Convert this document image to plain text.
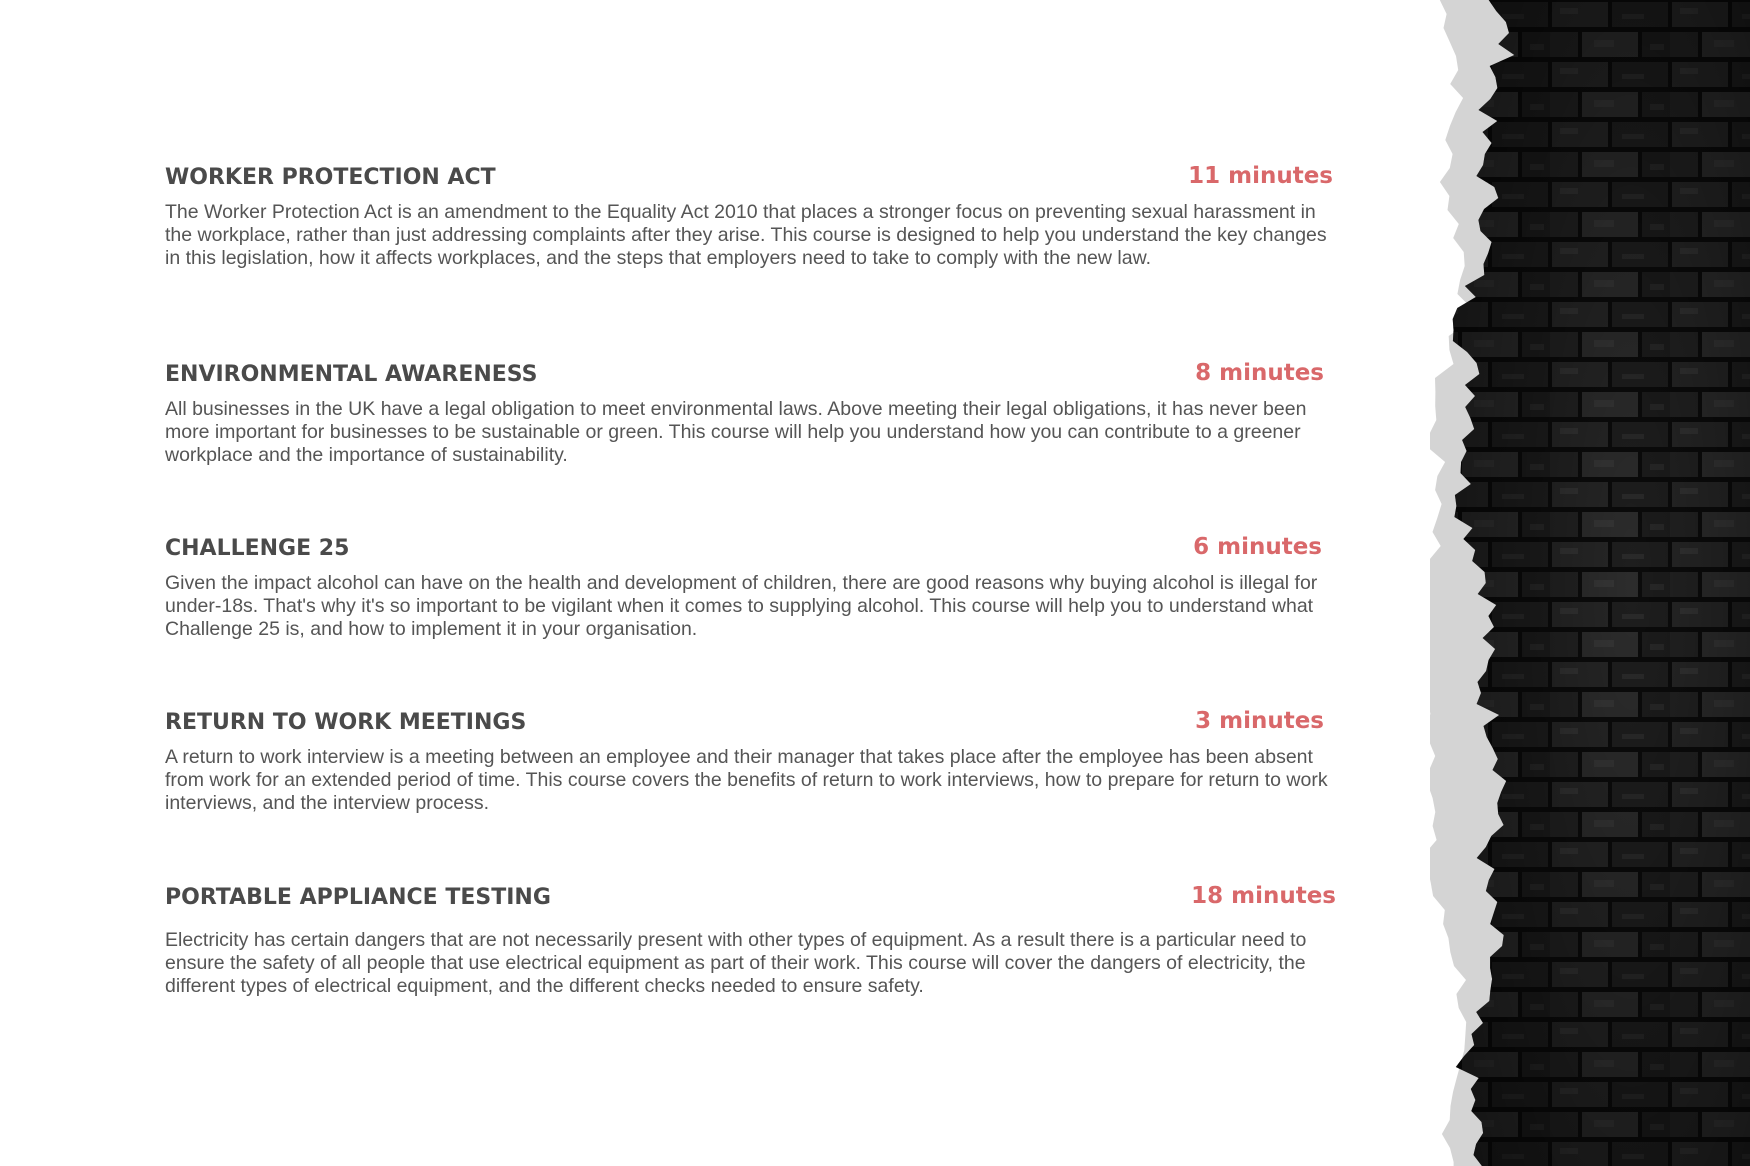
WORKER PROTECTION ACT	11 minutes

The Worker Protection Act is an amendment to the Equality Act 2010 that places a stronger focus on preventing sexual harassment in the workplace, rather than just addressing complaints after they arise. This course is designed to help you understand the key changes in this legislation, how it affects workplaces, and the steps that employers need to take to comply with the new law.

ENVIRONMENTAL AWARENESS	8 minutes

All businesses in the UK have a legal obligation to meet environmental laws. Above meeting their legal obligations, it has never been more important for businesses to be sustainable or green. This course will help you understand how you can contribute to a greener workplace and the importance of sustainability.

CHALLENGE 25	6 minutes

Given the impact alcohol can have on the health and development of children, there are good reasons why buying alcohol is illegal for under-18s. That's why it's so important to be vigilant when it comes to supplying alcohol. This course will help you to understand what Challenge 25 is, and how to implement it in your organisation.

RETURN TO WORK MEETINGS	3 minutes

A return to work interview is a meeting between an employee and their manager that takes place after the employee has been absent from work for an extended period of time. This course covers the benefits of return to work interviews, how to prepare for return to work interviews, and the interview process.

PORTABLE APPLIANCE TESTING	18 minutes

Electricity has certain dangers that are not necessarily present with other types of equipment. As a result there is a particular need to ensure the safety of all people that use electrical equipment as part of their work. This course will cover the dangers of electricity, the different types of electrical equipment, and the different checks needed to ensure safety.
